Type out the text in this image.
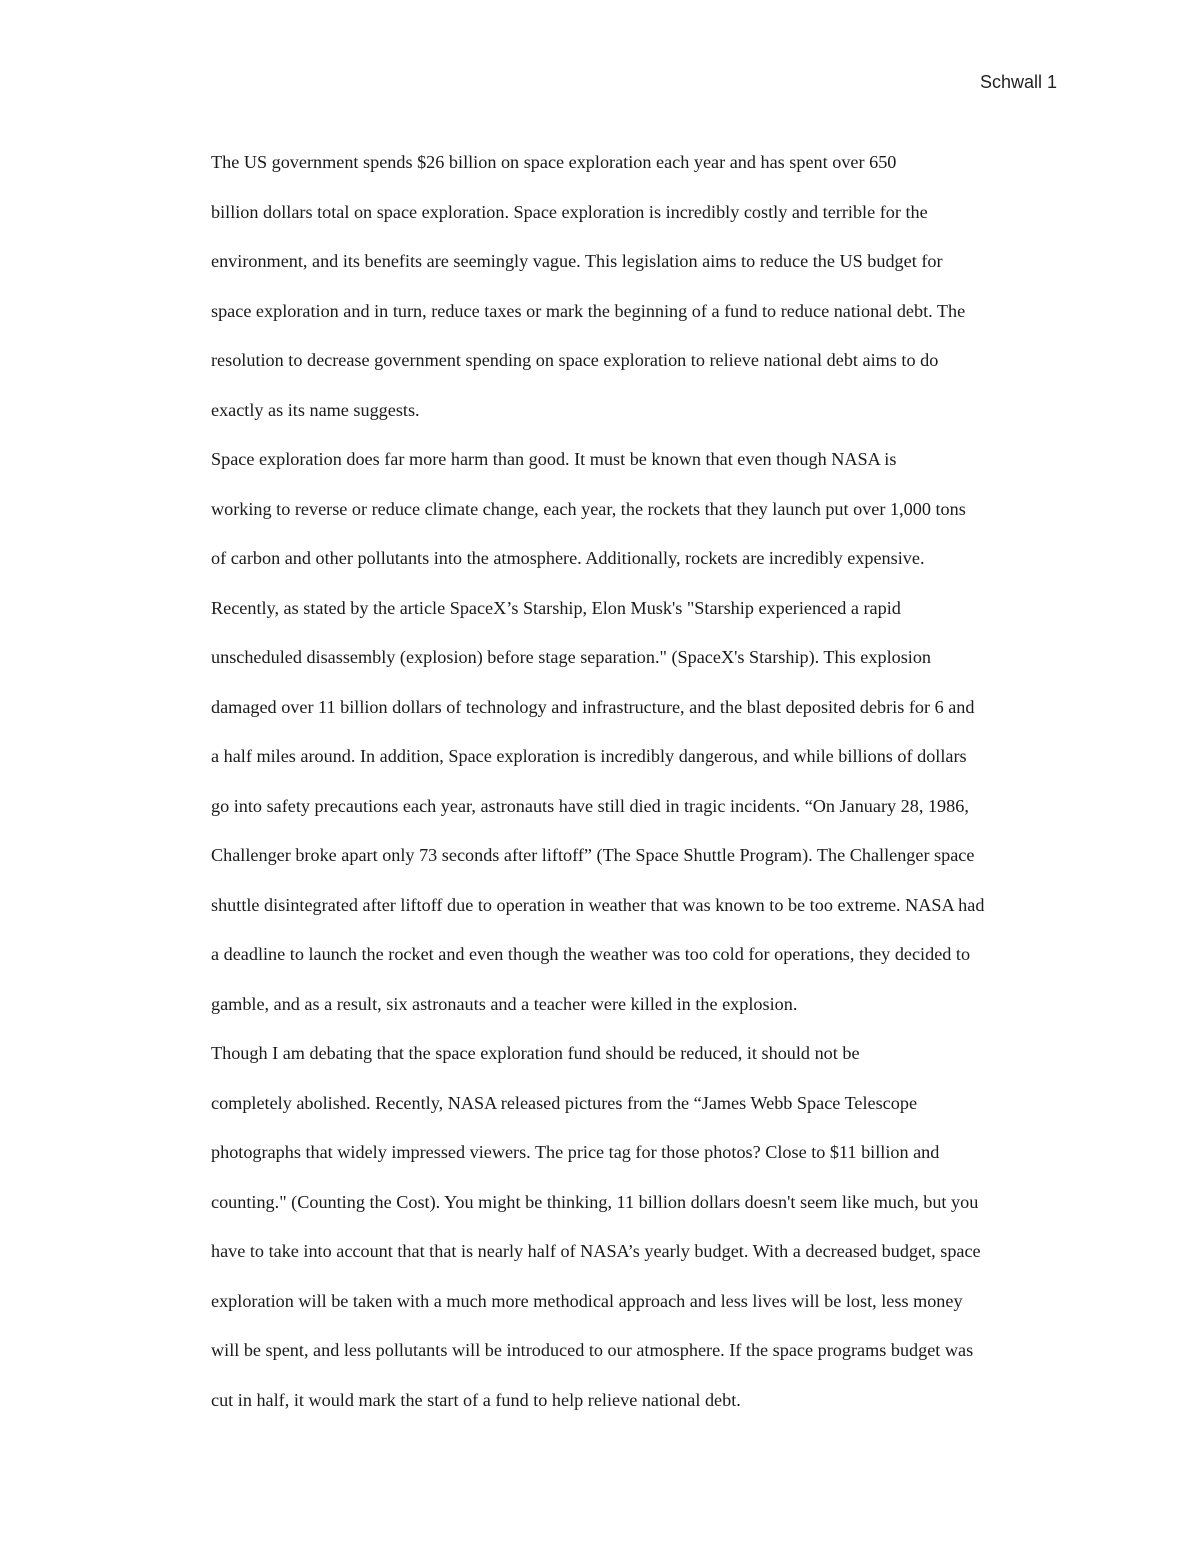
Schwall 1

The US government spends $26 billion on space exploration each year and has spent over 650
billion dollars total on space exploration. Space exploration is incredibly costly and terrible for the
environment, and its benefits are seemingly vague. This legislation aims to reduce the US budget for
space exploration and in turn, reduce taxes or mark the beginning of a fund to reduce national debt. The
resolution to decrease government spending on space exploration to relieve national debt aims to do
exactly as its name suggests.

Space exploration does far more harm than good. It must be known that even though NASA is
working to reverse or reduce climate change, each year, the rockets that they launch put over 1,000 tons
of carbon and other pollutants into the atmosphere. Additionally, rockets are incredibly expensive.
Recently, as stated by the article SpaceX’s Starship, Elon Musk's "Starship experienced a rapid
unscheduled disassembly (explosion) before stage separation." (SpaceX's Starship). This explosion
damaged over 11 billion dollars of technology and infrastructure, and the blast deposited debris for 6 and
a half miles around. In addition, Space exploration is incredibly dangerous, and while billions of dollars
go into safety precautions each year, astronauts have still died in tragic incidents. “On January 28, 1986,
Challenger broke apart only 73 seconds after liftoff” (The Space Shuttle Program). The Challenger space
shuttle disintegrated after liftoff due to operation in weather that was known to be too extreme. NASA had
a deadline to launch the rocket and even though the weather was too cold for operations, they decided to
gamble, and as a result, six astronauts and a teacher were killed in the explosion.

Though I am debating that the space exploration fund should be reduced, it should not be
completely abolished. Recently, NASA released pictures from the “James Webb Space Telescope
photographs that widely impressed viewers. The price tag for those photos? Close to $11 billion and
counting." (Counting the Cost). You might be thinking, 11 billion dollars doesn't seem like much, but you
have to take into account that that is nearly half of NASA’s yearly budget. With a decreased budget, space
exploration will be taken with a much more methodical approach and less lives will be lost, less money
will be spent, and less pollutants will be introduced to our atmosphere. If the space programs budget was
cut in half, it would mark the start of a fund to help relieve national debt.
